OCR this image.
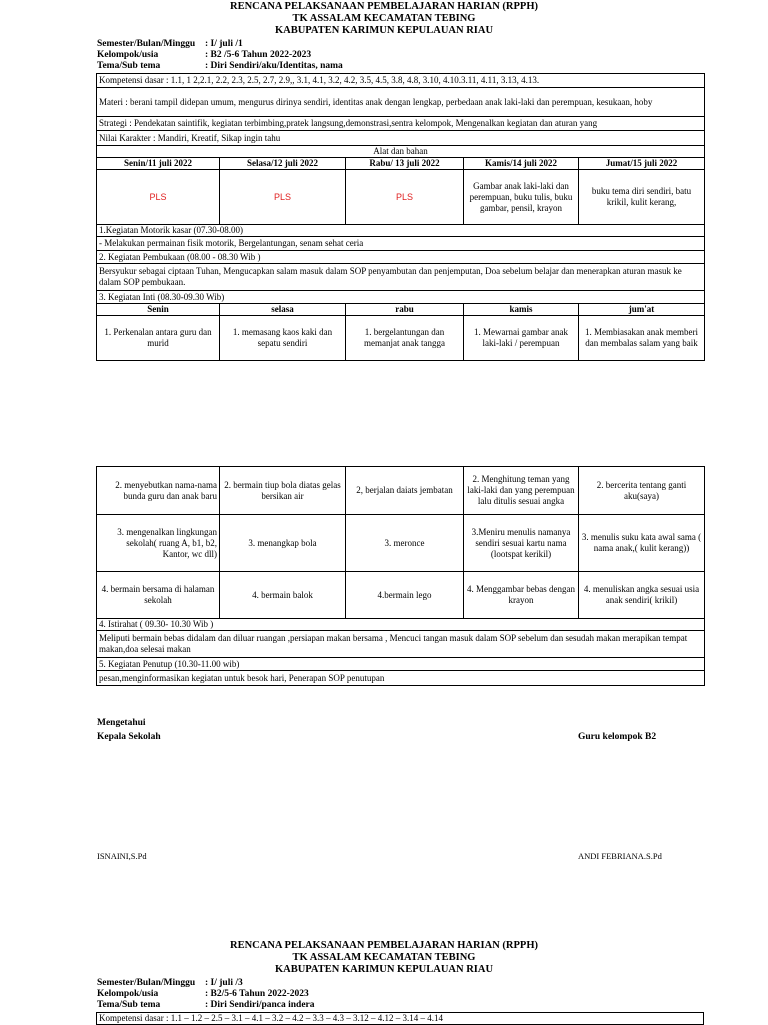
RENCANA PELAKSANAAN PEMBELAJARAN HARIAN (RPPH)
TK ASSALAM KECAMATAN TEBING
KABUPATEN KARIMUN KEPULAUAN RIAU
Semester/Bulan/Minggu : I/ juli /1
Kelompok/usia	: B2 /5-6 Tahun 2022-2023
Tema/Sub tema	: Diri Sendiri/aku/Identitas, nama
Kompetensi dasar : 1.1, 1 2,2.1, 2.2, 2.3, 2.5, 2.7, 2.9,, 3.1, 4.1, 3.2, 4.2, 3.5, 4.5, 3.8, 4.8, 3.10, 4.10.3.11, 4.11, 3.13, 4.13.				
Materi : berani tampil didepan umum, mengurus dirinya sendiri, identitas anak dengan lengkap, perbedaan anak laki-laki dan perempuan, kesukaan, hoby				
Strategi : Pendekatan saintifik, kegiatan terbimbing,pratek langsung,demonstrasi,sentra kelompok, Mengenalkan kegiatan dan aturan yang				
Nilai Karakter : Mandiri, Kreatif, Sikap ingin tahu				
Alat dan bahan				
Senin/11 juli 2022	Selasa/12 juli 2022	Rabu/ 13 juli 2022	Kamis/14 juli 2022	Jumat/15 juli 2022
PLS	PLS	PLS	Gambar anak laki-laki dan perempuan, buku tulis, buku gambar, pensil, krayon	buku tema diri sendiri, batu krikil, kulit kerang,
1.Kegiatan Motorik kasar (07.30-08.00)				
- Melakukan permainan fisik motorik, Bergelantungan, senam sehat ceria				
2. Kegiatan Pembukaan (08.00 - 08.30 Wib )				
Bersyukur sebagai ciptaan Tuhan, Mengucapkan salam masuk dalam SOP penyambutan dan penjemputan, Doa sebelum belajar dan menerapkan aturan masuk ke dalam SOP pembukaan.				
3. Kegiatan Inti (08.30-09.30 Wib)				
Senin	selasa	rabu	kamis	jum'at
1. Perkenalan antara guru dan murid	1. memasang kaos kaki dan sepatu sendiri	1. bergelantungan dan memanjat anak tangga	1. Mewarnai gambar anak laki-laki / perempuan	1. Membiasakan anak memberi dan membalas salam yang baik
2. menyebutkan nama-nama bunda guru dan anak baru	2. bermain tiup bola diatas gelas bersikan air	2, berjalan daiats jembatan	2. Menghitung teman yang laki-laki dan yang perempuan lalu ditulis sesuai angka	2. bercerita tentang ganti aku(saya)
3. mengenalkan lingkungan sekolah( ruang A, b1, b2, Kantor, wc dll)	3. menangkap bola	3. meronce	3.Meniru menulis namanya sendiri sesuai kartu nama (lootspat kerikil)	3. menulis suku kata awal sama ( nama anak,( kulit kerang))
4. bermain bersama di halaman sekolah	4. bermain balok	4.bermain lego	4. Menggambar bebas dengan krayon	4. menuliskan angka sesuai usia anak sendiri( krikil)
4. Istirahat ( 09.30- 10.30 Wib )				
Meliputi bermain bebas didalam dan diluar ruangan ,persiapan makan bersama , Mencuci tangan masuk dalam SOP sebelum dan sesudah makan merapikan tempat makan,doa selesai makan				
5. Kegiatan Penutup (10.30-11.00 wib)				
pesan,menginformasikan kegiatan untuk besok hari, Penerapan SOP penutupan				
Mengetahui
Kepala Sekolah	Guru kelompok B2
ISNAINI,S.Pd	ANDI FEBRIANA.S.Pd
RENCANA PELAKSANAAN PEMBELAJARAN HARIAN (RPPH)
TK ASSALAM KECAMATAN TEBING
KABUPATEN KARIMUN KEPULAUAN RIAU
Semester/Bulan/Minggu : I/ juli /3
Kelompok/usia	: B2/5-6 Tahun 2022-2023
Tema/Sub tema	: Diri Sendiri/panca indera
Kompetensi dasar : 1.1 – 1.2 – 2.5 – 3.1 – 4.1 – 3.2 – 4.2 – 3.3 – 4.3 – 3.12 – 4.12 – 3.14 – 4.14
